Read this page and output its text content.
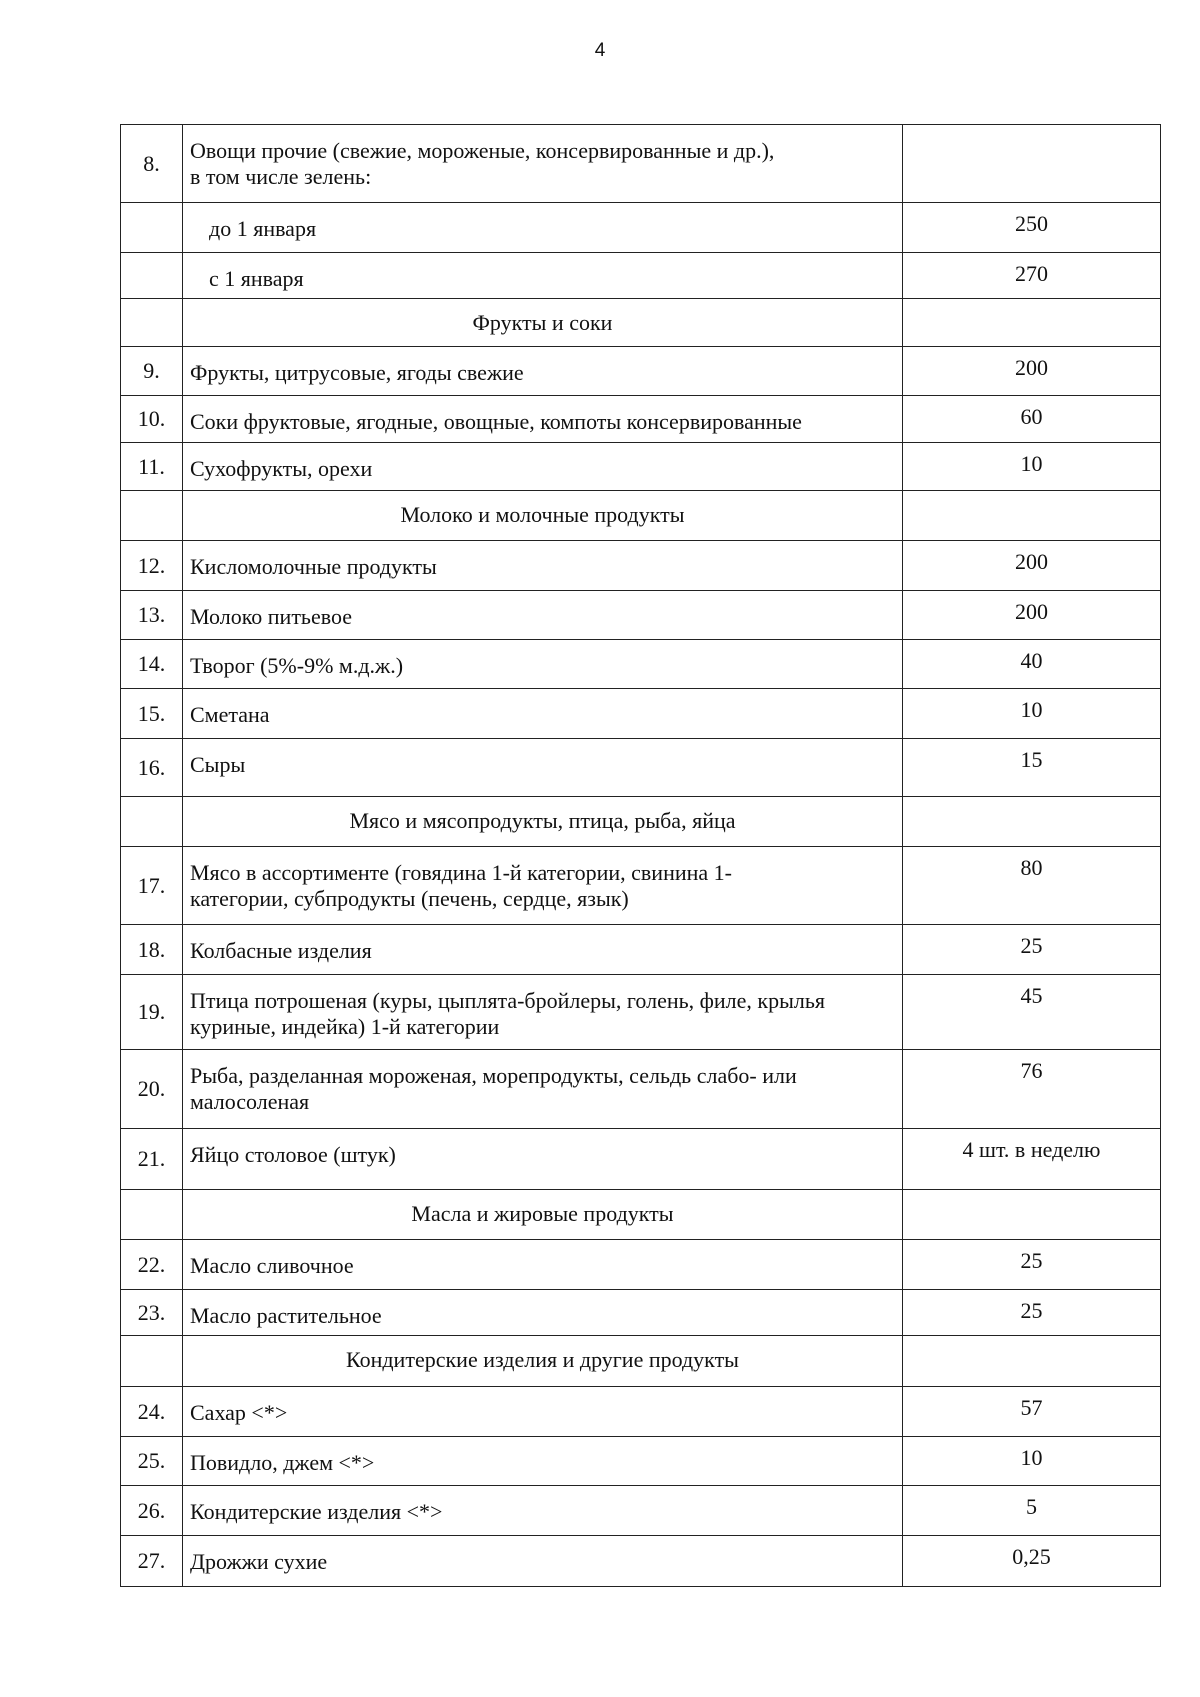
4
8.	Овощи прочие (свежие, мороженые, консервированные и др.),
в том числе зелень:	
	до 1 января	250
	с 1 января	270
	Фрукты и соки	
9.	Фрукты, цитрусовые, ягоды свежие	200
10.	Соки фруктовые, ягодные, овощные, компоты консервированные	60
11.	Сухофрукты, орехи	10
	Молоко и молочные продукты	
12.	Кисломолочные продукты	200
13.	Молоко питьевое	200
14.	Творог (5%-9% м.д.ж.)	40
15.	Сметана	10
16.	Сыры	15
	Мясо и мясопродукты, птица, рыба, яйца	
17.	Мясо в ассортименте (говядина 1-й категории, свинина 1-
категории, субпродукты (печень, сердце, язык)	80
18.	Колбасные изделия	25
19.	Птица потрошеная (куры, цыплята-бройлеры, голень, филе, крылья
куриные, индейка) 1-й категории	45
20.	Рыба, разделанная мороженая, морепродукты, сельдь слабо- или
малосоленая	76
21.	Яйцо столовое (штук)	4 шт. в неделю
	Масла и жировые продукты	
22.	Масло сливочное	25
23.	Масло растительное	25
	Кондитерские изделия и другие продукты	
24.	Сахар <*>	57
25.	Повидло, джем <*>	10
26.	Кондитерские изделия <*>	5
27.	Дрожжи сухие	0,25
